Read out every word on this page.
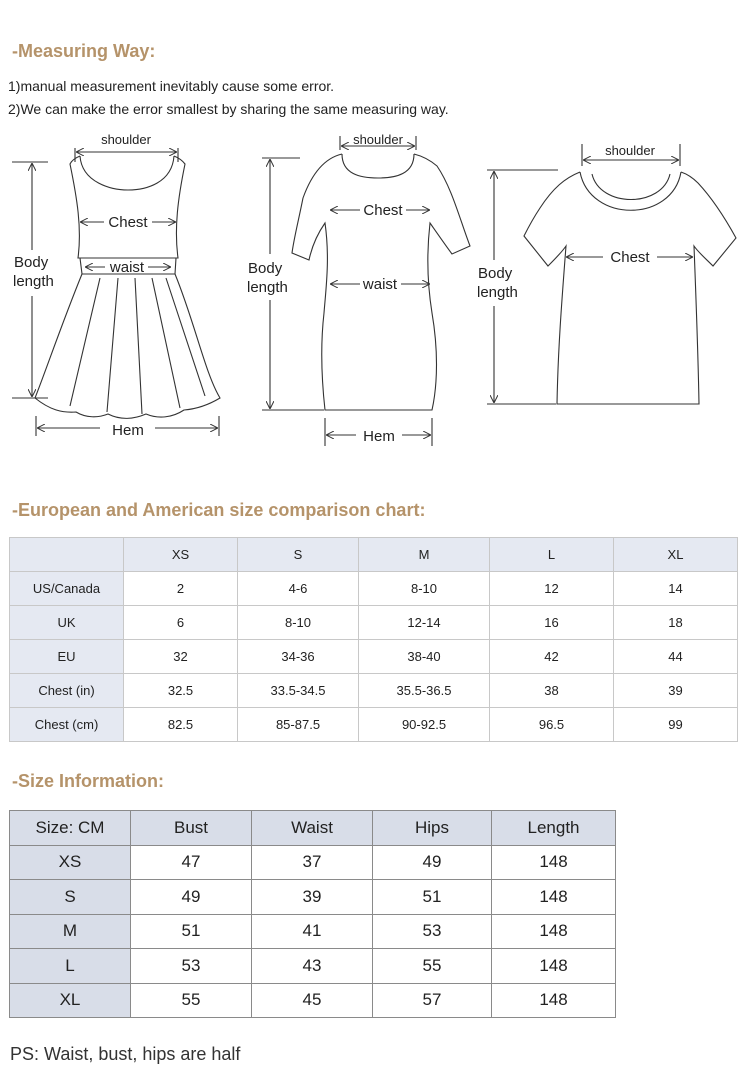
-Measuring Way:
1)manual measurement inevitably cause some error.
2)We can make the error smallest by sharing the same measuring way.
shoulder
Chest
waist
Body
length
Hem
shoulder
Chest
waist
Body
length
Hem
shoulder
Chest
Body
length
-European and American size comparison chart:
	XS	S	M	L	XL
US/Canada	2	4-6	8-10	12	14
UK	6	8-10	12-14	16	18
EU	32	34-36	38-40	42	44
Chest (in)	32.5	33.5-34.5	35.5-36.5	38	39
Chest (cm)	82.5	85-87.5	90-92.5	96.5	99
-Size Information:
Size: CM	Bust	Waist	Hips	Length
XS	47	37	49	148
S	49	39	51	148
M	51	41	53	148
L	53	43	55	148
XL	55	45	57	148

PS: Waist, bust, hips are half
